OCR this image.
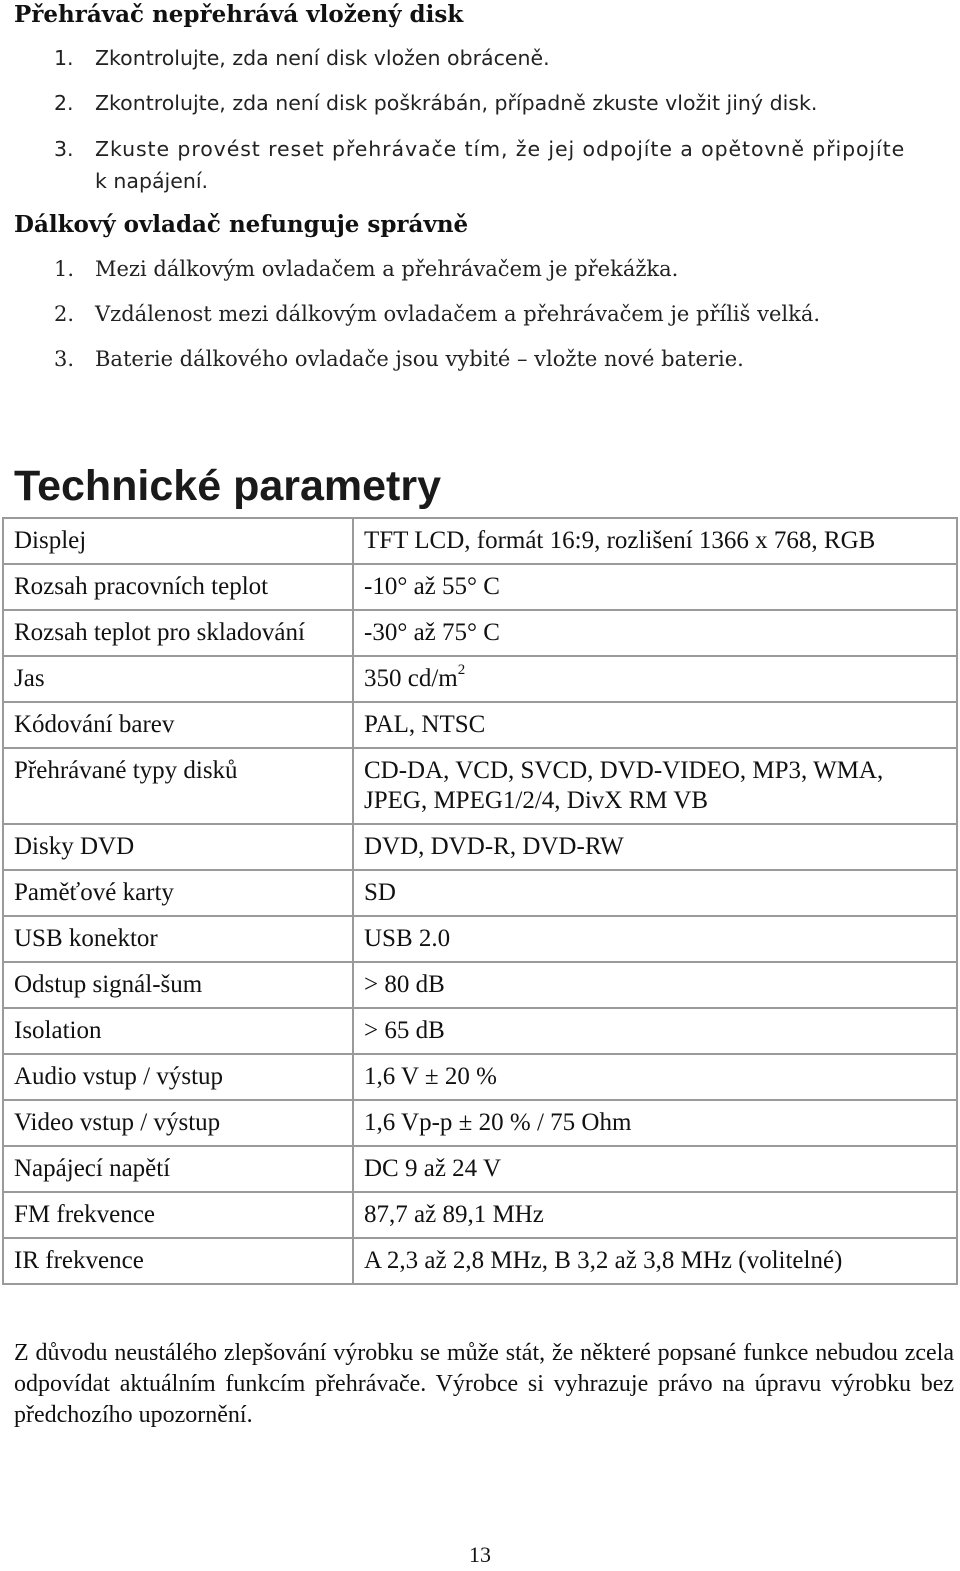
Přehrávač nepřehrává vložený disk
1. Zkontrolujte, zda není disk vložen obráceně.
2. Zkontrolujte, zda není disk poškrábán, případně zkuste vložit jiný disk.
3. Zkuste provést reset přehrávače tím, že jej odpojíte a opětovně připojíte
k napájení.
Dálkový ovladač nefunguje správně
1. Mezi dálkovým ovladačem a přehrávačem je překážka.
2. Vzdálenost mezi dálkovým ovladačem a přehrávačem je příliš velká.
3. Baterie dálkového ovladače jsou vybité – vložte nové baterie.
Technické parametry
Displej	TFT LCD, formát 16:9, rozlišení 1366 x 768, RGB
Rozsah pracovních teplot	-10° až 55° C
Rozsah teplot pro skladování	-30° až 75° C
Jas	350 $cd/m^2$
Kódování barev	PAL, NTSC
Přehrávané typy disků	CD-DA, VCD, SVCD, DVD-VIDEO, MP3, WMA,
JPEG, MPEG1/2/4, DivX RM VB

Disky DVD	DVD, DVD-R, DVD-RW
Paměťové karty	SD
USB konektor	USB 2.0
Odstup signál-šum	> 80 dB
Isolation	> 65 dB
Audio vstup / výstup	1,6 V ± 20 %
Video vstup / výstup	1,6 Vp-p ± 20 % / 75 Ohm
Napájecí napětí	DC 9 až 24 V
FM frekvence	87,7 až 89,1 MHz
IR frekvence	A 2,3 až 2,8 MHz, B 3,2 až 3,8 MHz (volitelné)

Z důvodu neustálého zlepšování výrobku se může stát, že některé popsané funkce nebudou zcela odpovídat aktuálním funkcím přehrávače. Výrobce si vyhrazuje právo na úpravu výrobku bez předchozího upozornění.

13
